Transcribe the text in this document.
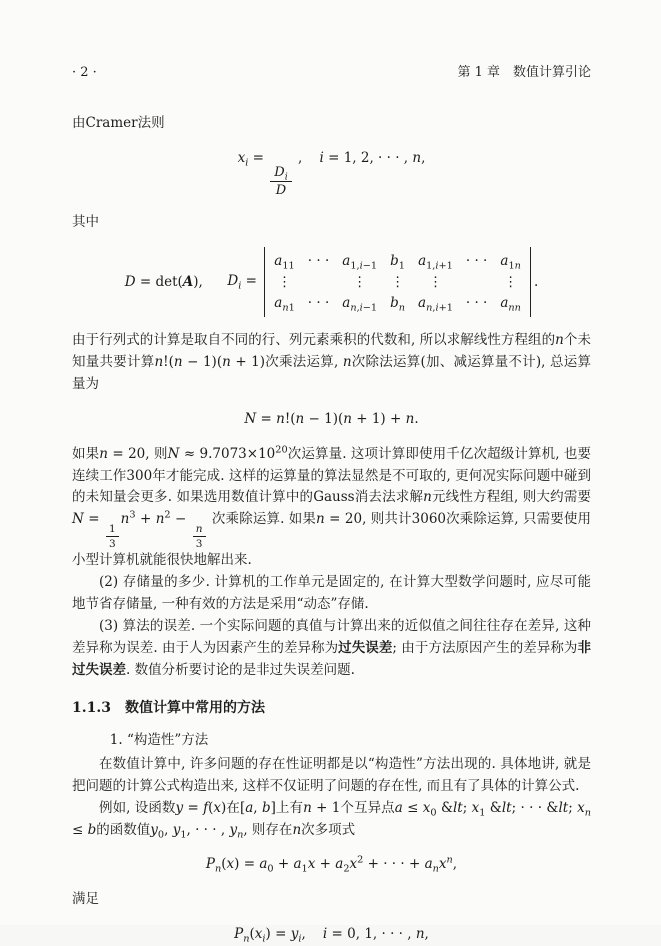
· 2 ·	第 1 章　数值计算引论

由Cramer法则

$x_i$ =
$\frac{D_i}{D}$
,    i = 1, 2, · · · , n,

其中

D = det(A), $D_i$ =
$a_{11}$ · · · $a_{1,i-1}$ $b_1$ $a_{1,i+1}$ · · · $a_{1n}$
⋮	⋮	⋮	⋮	⋮
$a_{n1}$ · · · $a_{n,i-1}$ $b_n$ $a_{n,i+1}$ · · · $a_{nn}$
.

由于行列式的计算是取自不同的行、列元素乘积的代数和, 所以求解线性方程组的n个未知量共要计算n!(n − 1)(n + 1)次乘法运算, n次除法运算(加、减运算量不计), 总运算量为

N = n!(n − 1)(n + 1) + n.

如果n = 20, 则$N \approx 9.7073\times 10^{20}$次运算量. 这项计算即使用千亿次超级计算机, 也要连续工作300年才能完成. 这样的运算量的算法显然是不可取的, 更何况实际问题中碰到的未知量会更多. 如果选用数值计算中的Gauss消去法求解n元线性方程组, 则大约需要N =
$\frac{1}{3}$
$n^3 + n^2$ −
$\frac{n}{3}$
次乘除运算. 如果n = 20, 则共计3060次乘除运算, 只需要使用小型计算机就能很快地解出来.

(2) 存储量的多少. 计算机的工作单元是固定的, 在计算大型数学问题时, 应尽可能地节省存储量, 一种有效的方法是采用“动态”存储.

(3) 算法的误差. 一个实际问题的真值与计算出来的近似值之间往往存在差异, 这种差异称为误差. 由于人为因素产生的差异称为过失误差; 由于方法原因产生的差异称为非过失误差. 数值分析要讨论的是非过失误差问题.

1.1.3　数值计算中常用的方法

1. “构造性”方法

在数值计算中, 许多问题的存在性证明都是以“构造性”方法出现的. 具体地讲, 就是把问题的计算公式构造出来, 这样不仅证明了问题的存在性, 而且有了具体的计算公式.

例如, 设函数y = f(x)在[a, b]上有n + 1个互异点$a \le x_0$ &lt; $x_1$ &lt; · · · &lt; $x_n \le b$的函数值$y_0$, $y_1$, · · · , $y_n$, 则存在n次多项式

$P_n(x) = a_0 + a_1x + a_2x^2$ + · · · + $a_nx^n$,

满足

$P_n(x_i) = y_i$,    i = 0, 1, · · · , n,
